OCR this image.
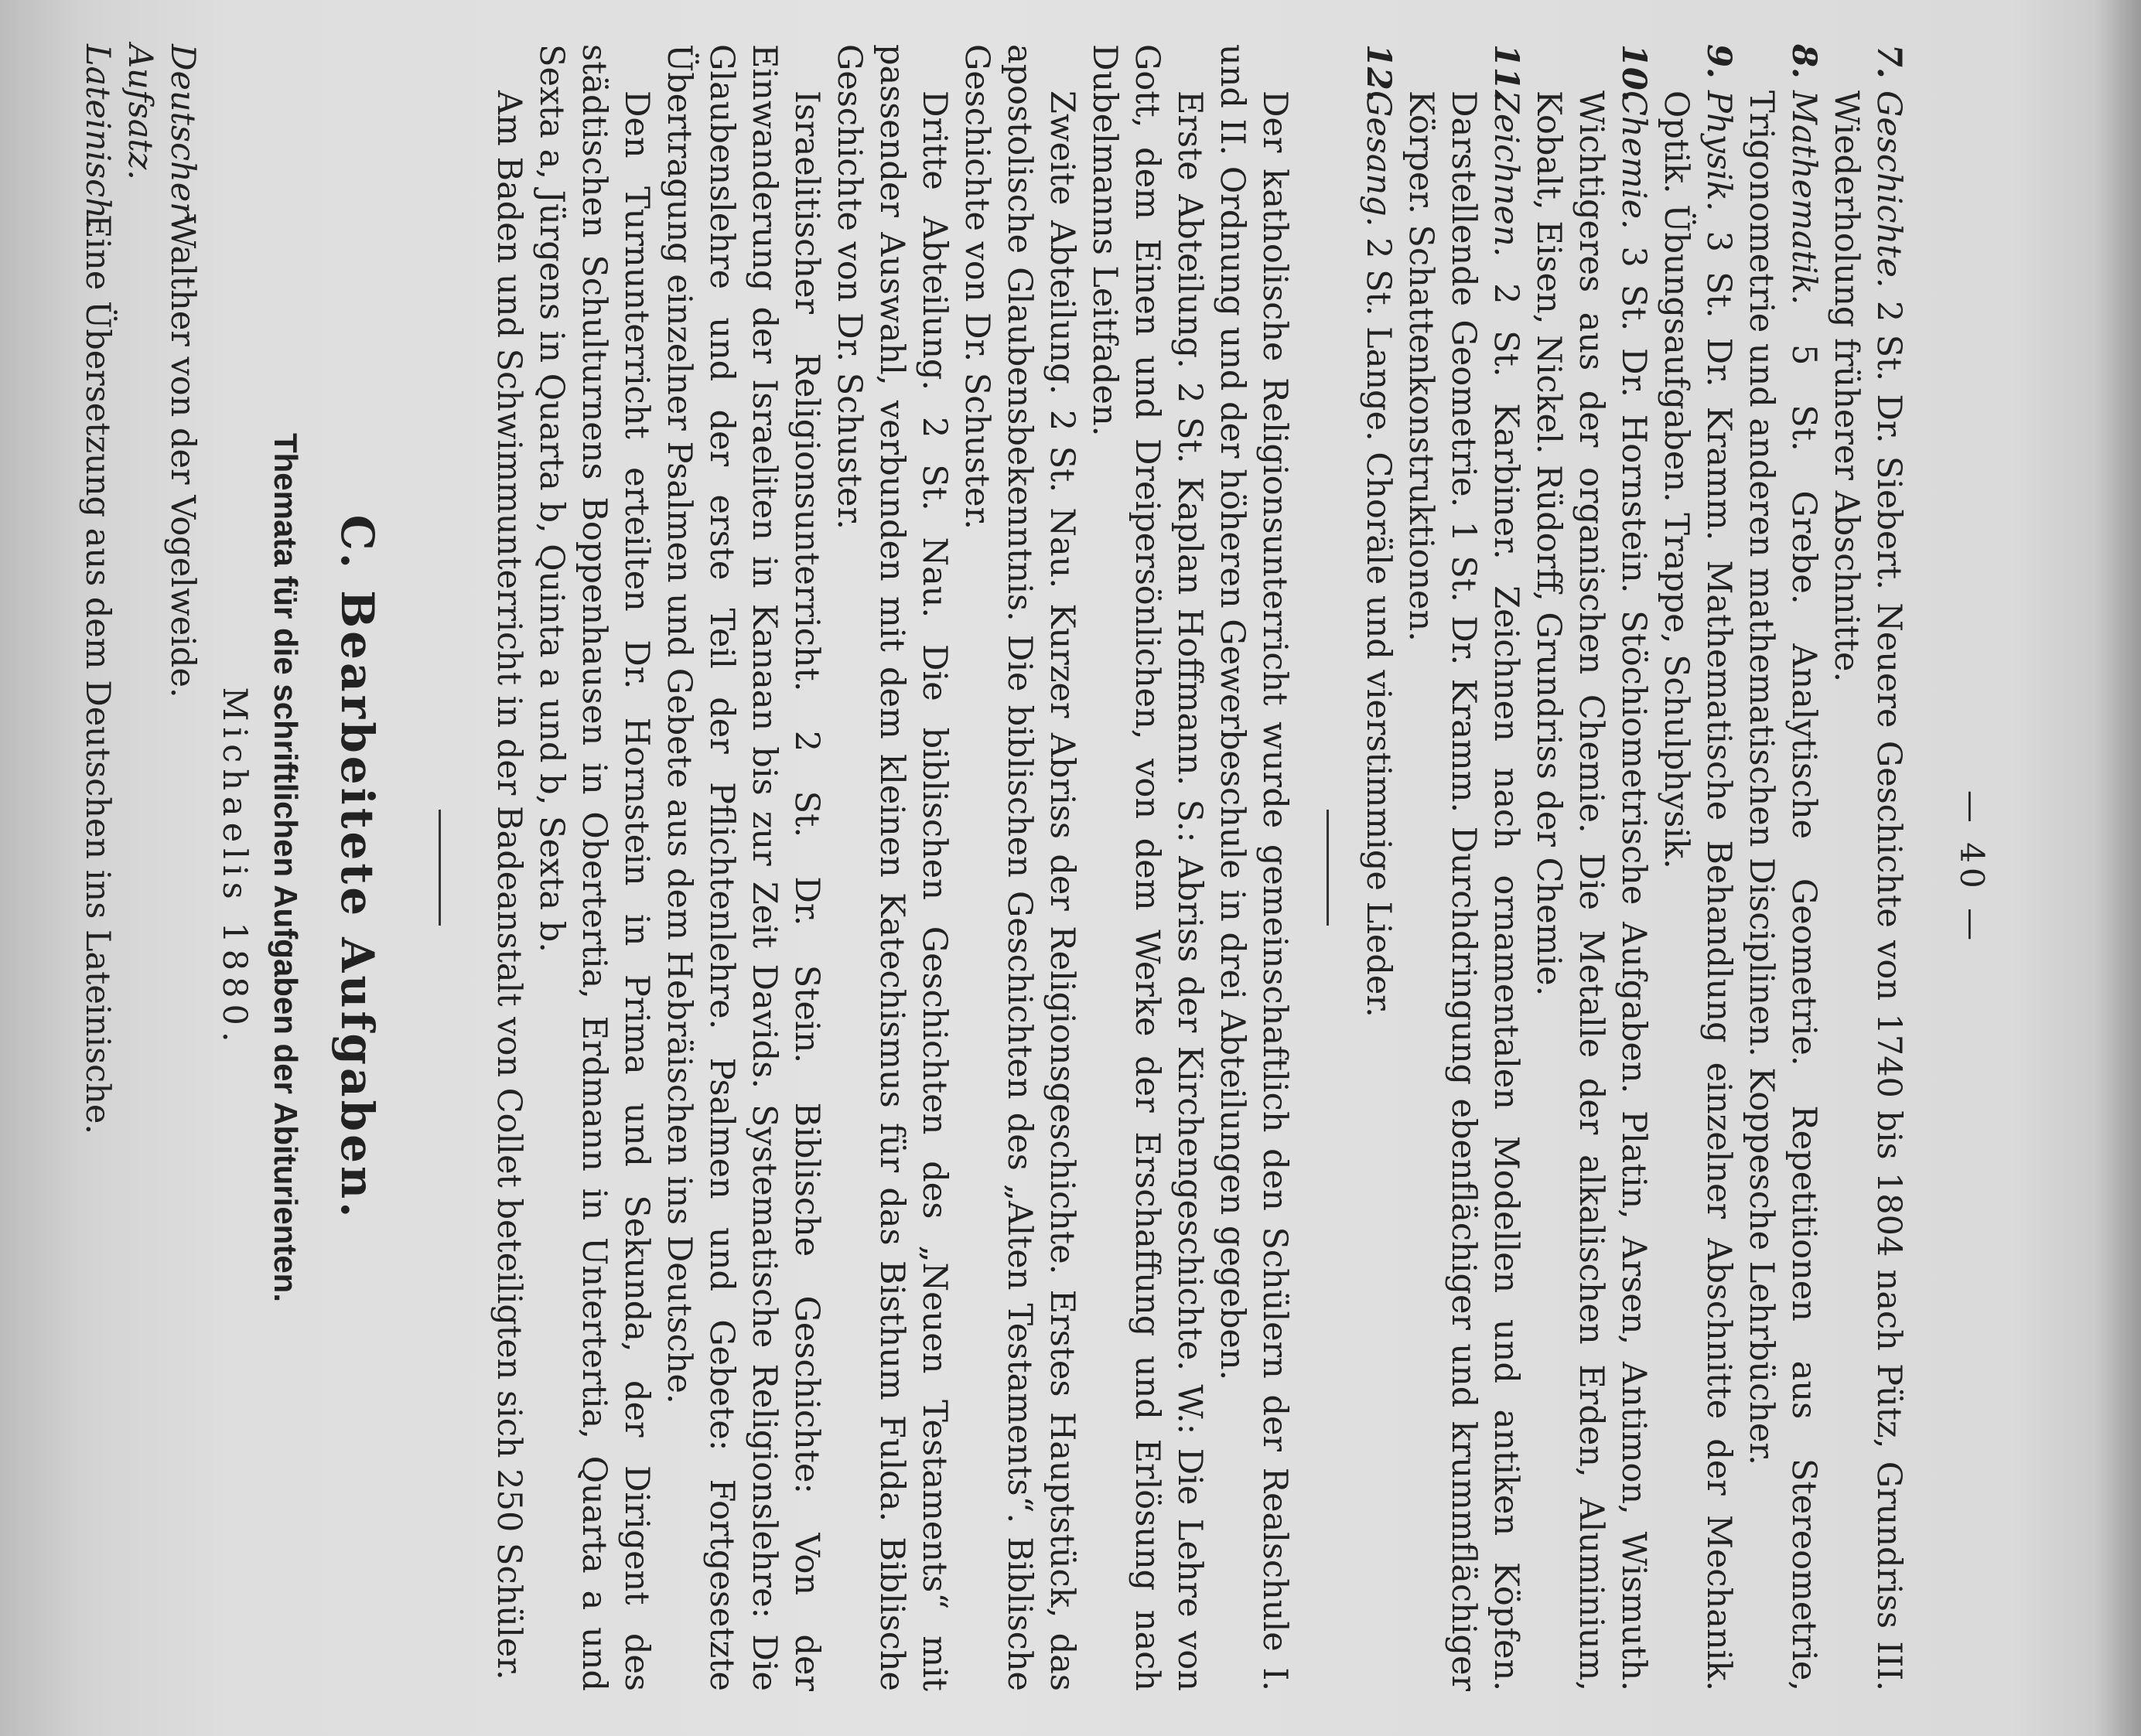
— 40 —
7.
Geschichte. 2 St. Dr. Siebert. Neuere Geschichte von 1740 bis 1804 nach Pütz, Grundriss III. Wiederholung früherer Abschnitte.
8.
Mathematik. 5 St. Grebe. Analytische Geometrie. Repetitionen aus Stereometrie, Trigonometrie und anderen mathematischen Disciplinen. Koppesche Lehrbücher.
9.
Physik. 3 St. Dr. Kramm. Mathematische Behandlung einzelner Abschnitte der Mechanik. Optik. Übungsaufgaben. Trappe, Schulphysik.
10.
Chemie. 3 St. Dr. Hornstein. Stöchiometrische Aufgaben. Platin, Arsen, Antimon, Wismuth. Wichtigeres aus der organischen Chemie. Die Metalle der alkalischen Erden, Aluminium, Kobalt, Eisen, Nickel. Rüdorff, Grundriss der Chemie.
11.
Zeichnen. 2 St. Karbiner. Zeichnen nach ornamentalen Modellen und antiken Köpfen. Darstellende Geometrie. 1 St. Dr. Kramm. Durchdringung ebenflächiger und krummflächiger Körper. Schattenkonstruktionen.
12.
Gesang. 2 St. Lange. Choräle und vierstimmige Lieder.

Der katholische Religionsunterricht wurde gemeinschaftlich den Schülern der Realschule I. und II. Ordnung und der höheren Gewerbeschule in drei Abteilungen gegeben.

Erste Abteilung. 2 St. Kaplan Hoffmann. S.: Abriss der Kirchengeschichte. W.: Die Lehre von Gott, dem Einen und Dreipersönlichen, von dem Werke der Erschaffung und Erlösung nach Dubelmanns Leitfaden.

Zweite Abteilung. 2 St. Nau. Kurzer Abriss der Religionsgeschichte. Erstes Hauptstück, das apostolische Glaubensbekenntnis. Die biblischen Geschichten des „Alten Testaments“. Biblische Geschichte von Dr. Schuster.

Dritte Abteilung. 2 St. Nau. Die biblischen Geschichten des „Neuen Testaments“ mit passender Auswahl, verbunden mit dem kleinen Katechismus für das Bisthum Fulda. Biblische Geschichte von Dr. Schuster.

Israelitischer Religionsunterricht. 2 St. Dr. Stein. Biblische Geschichte: Von der Einwanderung der Israeliten in Kanaan bis zur Zeit Davids. Systematische Religionslehre: Die Glaubenslehre und der erste Teil der Pflichtenlehre. Psalmen und Gebete: Fortgesetzte Übertragung einzelner Psalmen und Gebete aus dem Hebräischen ins Deutsche.

Den Turnunterricht erteilten Dr. Hornstein in Prima und Sekunda, der Dirigent des städtischen Schulturnens Boppenhausen in Obertertia, Erdmann in Untertertia, Quarta a und Sexta a, Jürgens in Quarta b, Quinta a und b, Sexta b.

Am Baden und Schwimmunterricht in der Badeanstalt von Collet beteiligten sich 250 Schüler.

C. Bearbeitete Aufgaben.
Themata für die schriftlichen Aufgaben der Abiturienten.
Michaelis 1880.
Deutscher Aufsatz.
Walther von der Vogelweide.
Lateinisch.
Eine Übersetzung aus dem Deutschen ins Lateinische.
